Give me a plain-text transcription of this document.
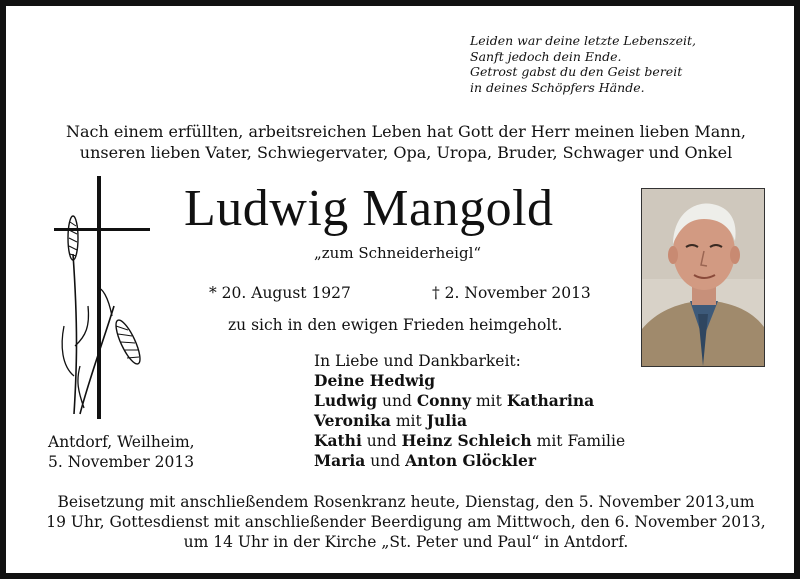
Leiden war deine letzte Lebenszeit,
Sanft jedoch dein Ende.
Getrost gabst du den Geist bereit
in deines Schöpfers Hände.
Nach einem erfüllten, arbeitsreichen Leben hat Gott der Herr meinen lieben Mann,
unseren lieben Vater, Schwiegervater, Opa, Uropa, Bruder, Schwager und Onkel
Ludwig Mangold
„zum Schneiderheigl“
* 20. August 1927	† 2. November 2013
zu sich in den ewigen Frieden heimgeholt.
In Liebe und Dankbarkeit:
Deine Hedwig
Ludwig und Conny mit Katharina
Veronika mit Julia
Kathi und Heinz Schleich mit Familie
Maria und Anton Glöckler
Antdorf, Weilheim,
5. November 2013
Beisetzung mit anschließendem Rosenkranz heute, Dienstag, den 5. November 2013,um
19 Uhr, Gottesdienst mit anschließender Beerdigung am Mittwoch, den 6. November 2013,
um 14 Uhr in der Kirche „St. Peter und Paul“ in Antdorf.
